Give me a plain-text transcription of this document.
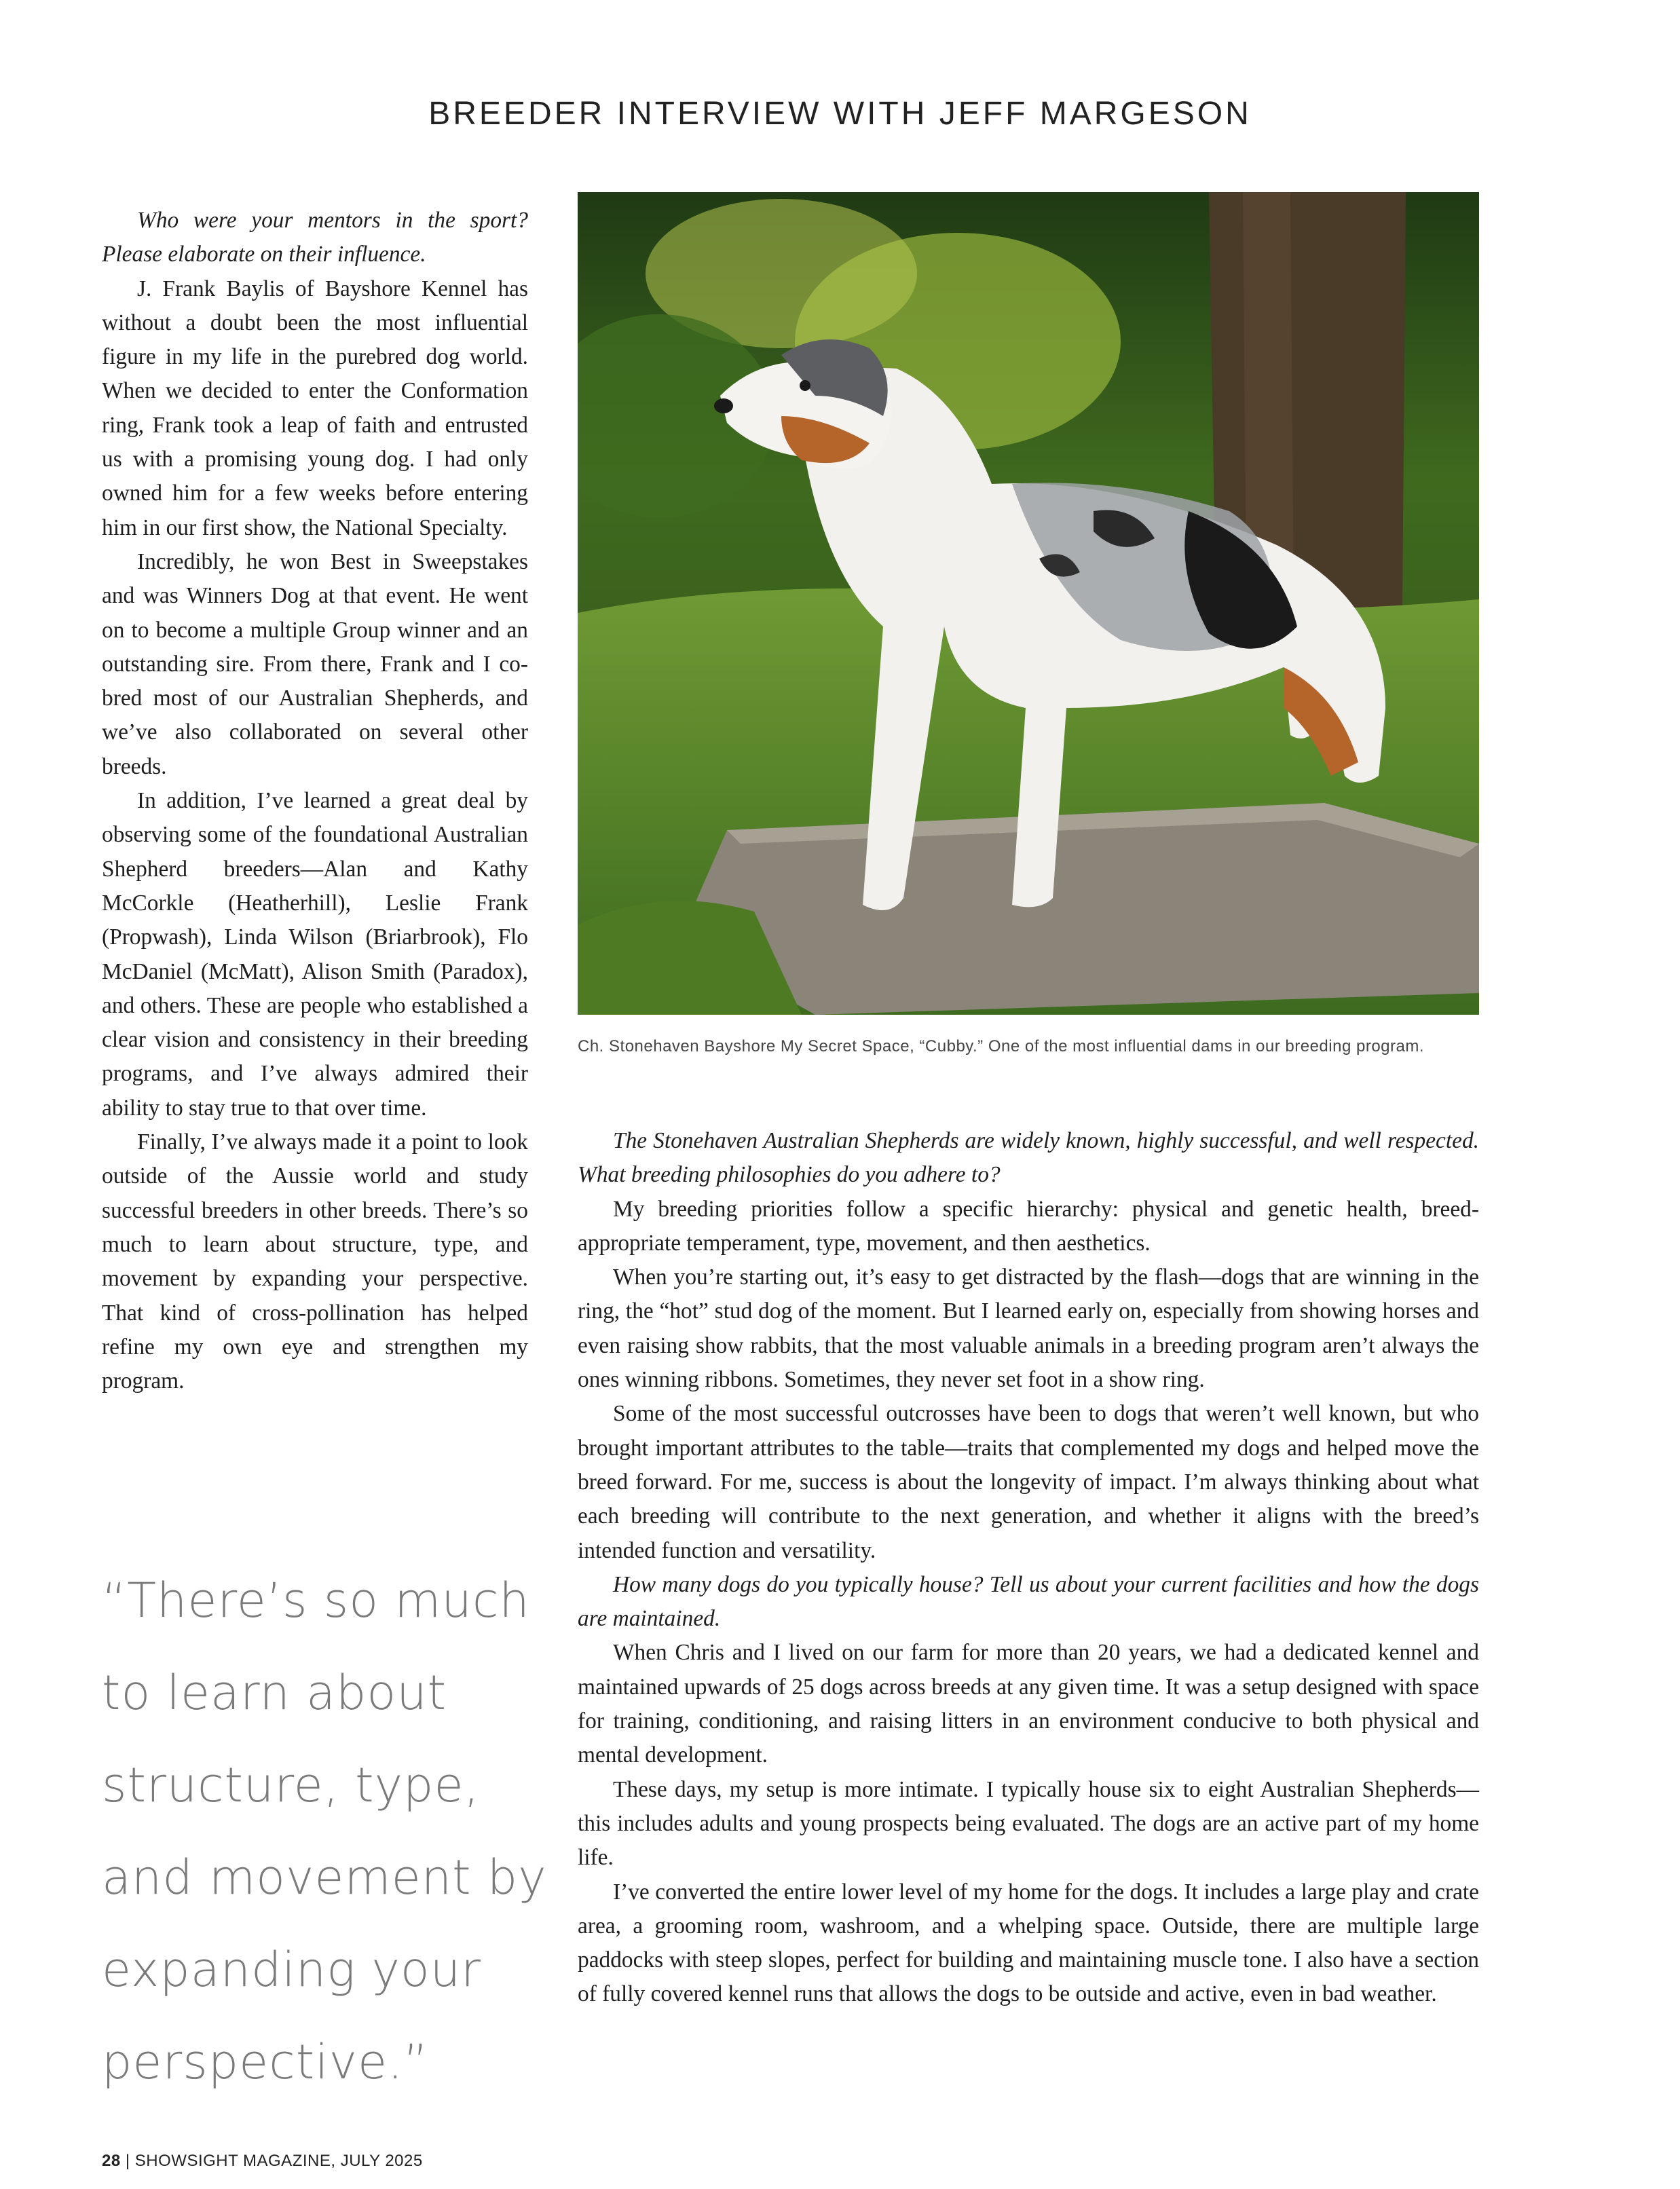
BREEDER INTERVIEW WITH JEFF MARGESON

Who were your mentors in the sport? Please elaborate on their influence.

J. Frank Baylis of Bayshore Kennel has without a doubt been the most influential figure in my life in the purebred dog world. When we decided to enter the Conformation ring, Frank took a leap of faith and entrusted us with a promising young dog. I had only owned him for a few weeks before entering him in our first show, the National Specialty.

Incredibly, he won Best in Sweepstakes and was Winners Dog at that event. He went on to become a multiple Group winner and an outstanding sire. From there, Frank and I co-bred most of our Australian Shepherds, and we’ve also collaborated on several other breeds.

In addition, I’ve learned a great deal by observing some of the foundational Australian Shepherd breeders—Alan and Kathy McCorkle (Heatherhill), Leslie Frank (Propwash), Linda Wilson (Briarbrook), Flo McDaniel (McMatt), Alison Smith (Paradox), and others. These are people who established a clear vision and consistency in their breeding programs, and I’ve always admired their ability to stay true to that over time.

Finally, I’ve always made it a point to look outside of the Aussie world and study successful breeders in other breeds. There’s so much to learn about structure, type, and movement by expanding your perspective. That kind of cross-pollination has helped refine my own eye and strengthen my program.

Ch. Stonehaven Bayshore My Secret Space, “Cubby.” One of the most influential dams in our breeding program.

The Stonehaven Australian Shepherds are widely known, highly successful, and well respected. What breeding philosophies do you adhere to?

My breeding priorities follow a specific hierarchy: physical and genetic health, breed-appropriate temperament, type, movement, and then aesthetics.

When you’re starting out, it’s easy to get distracted by the flash—dogs that are winning in the ring, the “hot” stud dog of the moment. But I learned early on, especially from showing horses and even raising show rabbits, that the most valuable animals in a breeding program aren’t always the ones winning ribbons. Sometimes, they never set foot in a show ring.

Some of the most successful outcrosses have been to dogs that weren’t well known, but who brought important attributes to the table—traits that complemented my dogs and helped move the breed forward. For me, success is about the longevity of impact. I’m always thinking about what each breeding will contribute to the next generation, and whether it aligns with the breed’s intended function and versatility.

How many dogs do you typically house? Tell us about your current facilities and how the dogs are maintained.

When Chris and I lived on our farm for more than 20 years, we had a dedicated kennel and maintained upwards of 25 dogs across breeds at any given time. It was a setup designed with space for training, conditioning, and raising litters in an environment conducive to both physical and mental development.

These days, my setup is more intimate. I typically house six to eight Australian Shepherds—this includes adults and young prospects being evaluated. The dogs are an active part of my home life.

I’ve converted the entire lower level of my home for the dogs. It includes a large play and crate area, a grooming room, washroom, and a whelping space. Outside, there are multiple large paddocks with steep slopes, perfect for building and maintaining muscle tone. I also have a section of fully covered kennel runs that allows the dogs to be outside and active, even in bad weather.

“There’s so much to learn about structure, type, and movement by expanding your perspective.”
28 | SHOWSIGHT MAGAZINE, JULY 2025
